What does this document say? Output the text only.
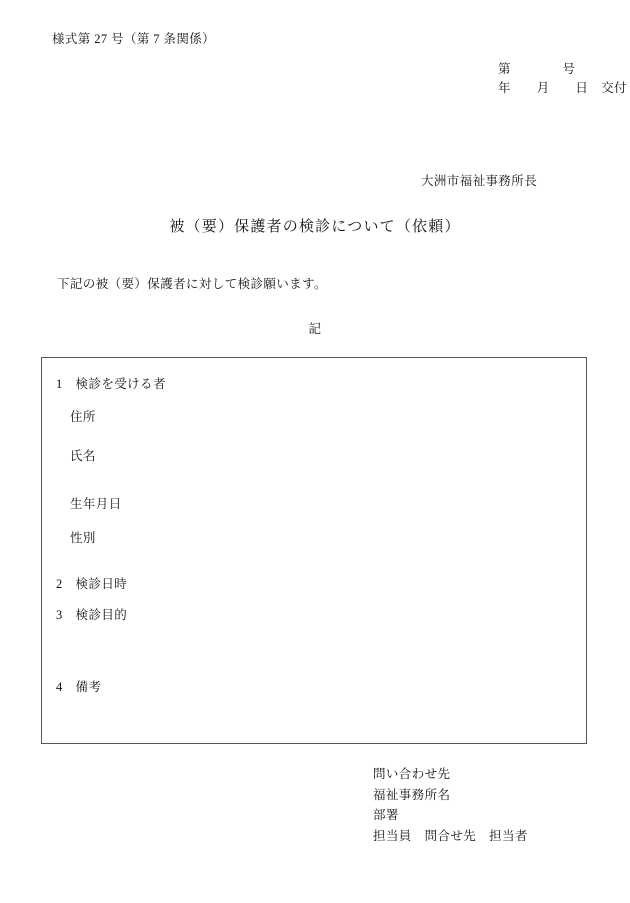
様式第 27 号（第 7 条関係）
第　　　　号
年　　月　　日　交付
大洲市福祉事務所長
被（要）保護者の検診について（依頼）
下記の被（要）保護者に対して検診願います。
記
1　検診を受ける者
住所
氏名
生年月日
性別
2　検診日時
3　検診目的
4　備考
問い合わせ先
福祉事務所名
部署
担当員　問合せ先　担当者
